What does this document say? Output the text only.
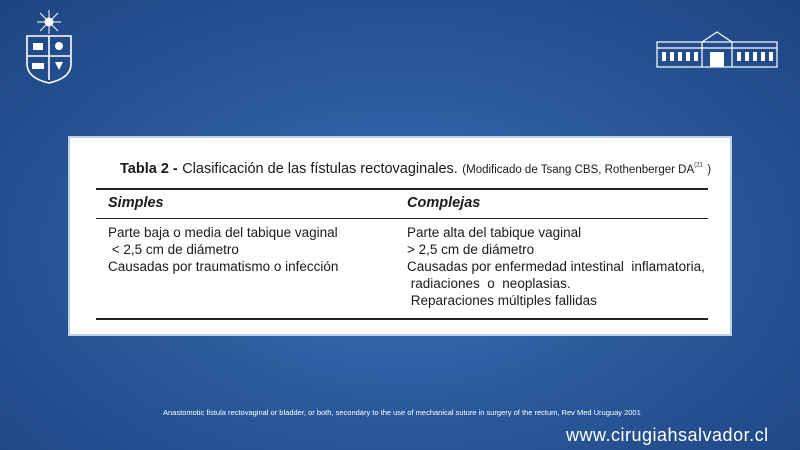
Tabla 2 - Clasificación de las fístulas rectovaginales. (Modificado de Tsang CBS, Rothenberger DA$^{(21}$ )
Simples	Complejas
Parte baja o media del tabique vaginal
< 2,5 cm de diámetro
Causadas por traumatismo o infección
Parte alta del tabique vaginal
> 2,5 cm de diámetro
Causadas por enfermedad intestinal  inflamatoria,
radiaciones  o  neoplasias.
Reparaciones múltiples fallidas
Anastomotic fistula rectovaginal or bladder, or both, secondary to the use of mechanical suture in surgery of the rectum, Rev Med Uruguay 2001
www.cirugiahsalvador.cl
